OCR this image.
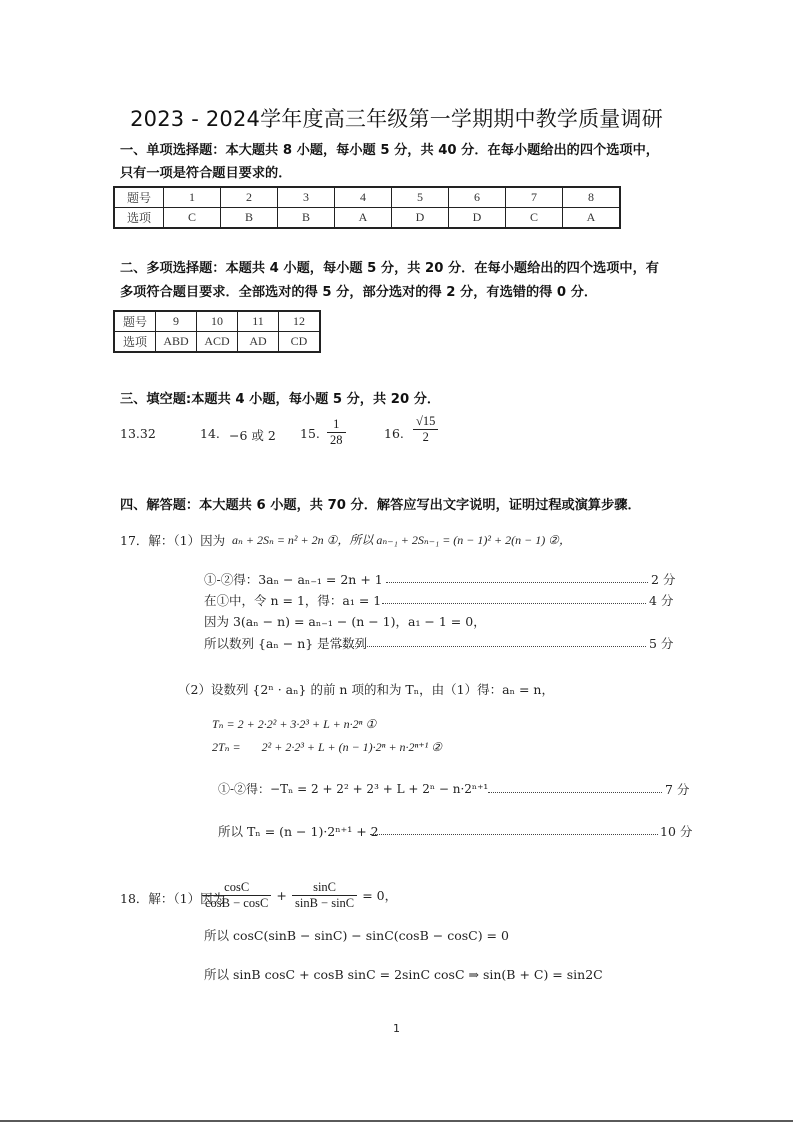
2023 - 2024学年度高三年级第一学期期中教学质量调研
一、单项选择题：本大题共 8 小题，每小题 5 分，共 40 分．在每小题给出的四个选项中，
只有一项是符合题目要求的．
题号	1	2	3	4	5	6	7	8
选项	C	B	B	A	D	D	C	A
二、多项选择题：本题共 4 小题，每小题 5 分，共 20 分．在每小题给出的四个选项中，有
多项符合题目要求．全部选对的得 5 分，部分选对的得 2 分，有选错的得 0 分．
题号	9	10	11	12
选项	ABD	ACD	AD	CD
三、填空题:本题共 4 小题，每小题 5 分，共 20 分．
13.32	14. −6 或 2 15. $\frac{1}{28}$	16. $\frac{√15}{2}$
四、解答题：本大题共 6 小题，共 70 分．解答应写出文字说明，证明过程或演算步骤．
17．解：（1）因为 aₙ + 2Sₙ = n² + 2n ①，所以 aₙ₋₁ + 2Sₙ₋₁ = (n − 1)² + 2(n − 1) ②，
①-②得：3aₙ − aₙ₋₁ = 2n + 1	2 分
在①中，令 n = 1，得：a₁ = 1	4 分
因为 3(aₙ − n) = aₙ₋₁ − (n − 1)，a₁ − 1 = 0，
所以数列 {aₙ − n} 是常数列	5 分
（2）设数列 {2ⁿ · aₙ} 的前 n 项的和为 Tₙ，由（1）得：aₙ = n，
Tₙ = 2 + 2·2² + 3·2³ + L + n·2ⁿ ①
2Tₙ =       2² + 2·2³ + L + (n − 1)·2ⁿ + n·2ⁿ⁺¹ ②
①-②得：−Tₙ = 2 + 2² + 2³ + L + 2ⁿ − n·2ⁿ⁺¹	7 分
所以 Tₙ = (n − 1)·2ⁿ⁺¹ + 2	10 分
18．解：（1）因为
$\frac{\cos C}{\cos B - \cos C} + \frac{\sin C}{\sin B - \sin C} = 0$，
所以 cosC(sinB − sinC) − sinC(cosB − cosC) = 0
所以 sinB cosC + cosB sinC = 2sinC cosC ⇒ sin(B + C) = sin2C
1
